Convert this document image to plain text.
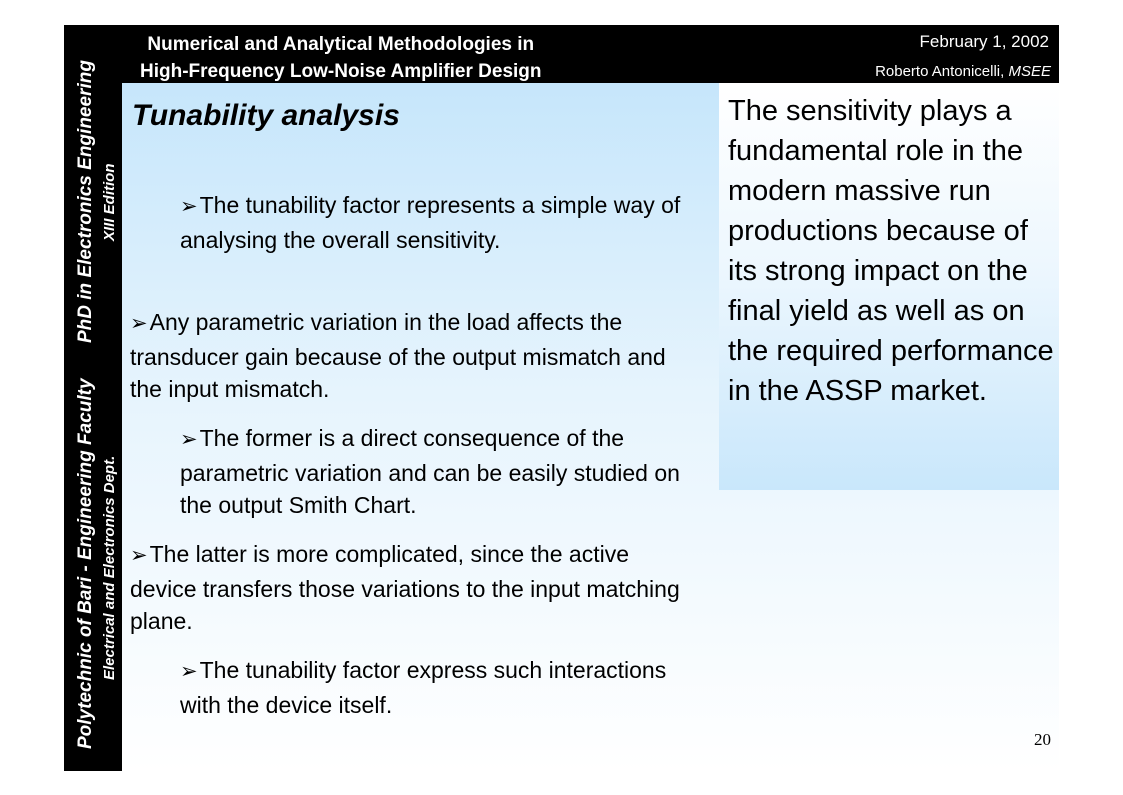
Polytechnic of Bari - Engineering Faculty Electrical and Electronics Dept.
PhD in Electronics Engineering XIII Edition
Numerical and Analytical Methodologies in
High-Frequency Low-Noise Amplifier Design
February 1, 2002
Roberto Antonicelli, MSEE
Tunability analysis

➢The tunability factor represents a simple way of analysing the overall sensitivity.

➢Any parametric variation in the load affects the transducer gain because of the output mismatch and the input mismatch.

➢The former is a direct consequence of the parametric variation and can be easily studied on the output Smith Chart.

➢The latter is more complicated, since the active device transfers those variations to the input matching plane.

➢The tunability factor express such interactions with the device itself.

The sensitivity plays a fundamental role in the modern massive run productions because of its strong impact on the final yield as well as on the required performance in the ASSP market.

20
